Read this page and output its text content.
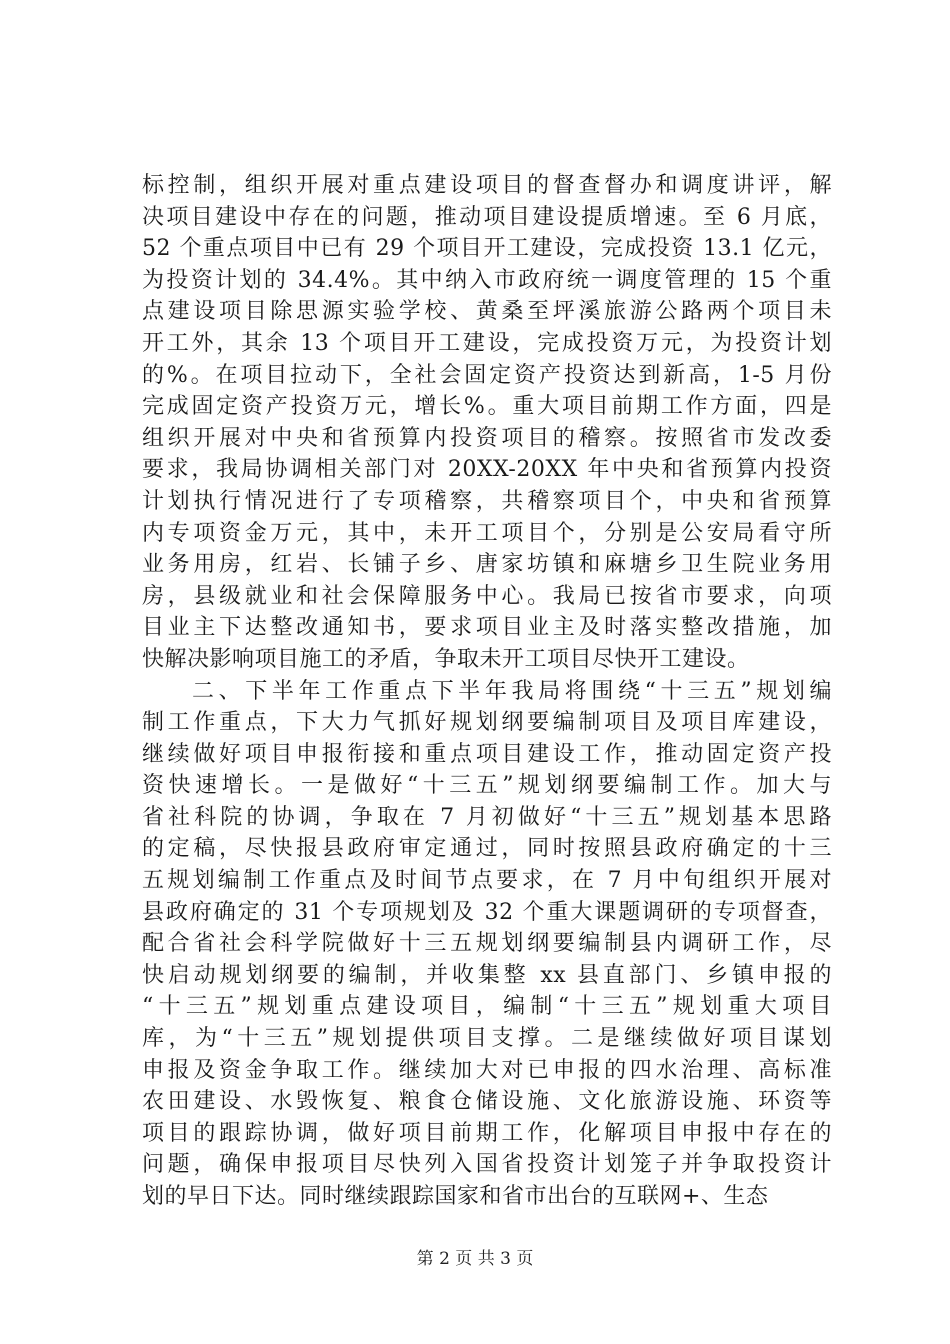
标控制，组织开展对重点建设项目的督查督办和调度讲评，解
决项目建设中存在的问题，推动项目建设提质增速。至 6 月底，
52 个重点项目中已有 29 个项目开工建设，完成投资 13.1 亿元，
为投资计划的 34.4%。其中纳入市政府统一调度管理的 15 个重
点建设项目除思源实验学校、黄桑至坪溪旅游公路两个项目未
开工外，其余 13 个项目开工建设，完成投资万元，为投资计划
的%。在项目拉动下，全社会固定资产投资达到新高，1-5 月份
完成固定资产投资万元，增长%。重大项目前期工作方面，四是
组织开展对中央和省预算内投资项目的稽察。按照省市发改委
要求，我局协调相关部门对 20XX-20XX 年中央和省预算内投资
计划执行情况进行了专项稽察，共稽察项目个，中央和省预算
内专项资金万元，其中，未开工项目个，分别是公安局看守所
业务用房，红岩、长铺子乡、唐家坊镇和麻塘乡卫生院业务用
房，县级就业和社会保障服务中心。我局已按省市要求，向项
目业主下达整改通知书，要求项目业主及时落实整改措施，加
快解决影响项目施工的矛盾，争取未开工项目尽快开工建设。
二、下半年工作重点下半年我局将围绕“十三五”规划编
制工作重点，下大力气抓好规划纲要编制项目及项目库建设，
继续做好项目申报衔接和重点项目建设工作，推动固定资产投
资快速增长。一是做好“十三五”规划纲要编制工作。加大与
省社科院的协调，争取在 7 月初做好“十三五”规划基本思路
的定稿，尽快报县政府审定通过，同时按照县政府确定的十三
五规划编制工作重点及时间节点要求，在 7 月中旬组织开展对
县政府确定的 31 个专项规划及 32 个重大课题调研的专项督查，
配合省社会科学院做好十三五规划纲要编制县内调研工作，尽
快启动规划纲要的编制，并收集整 xx 县直部门、乡镇申报的
“十三五”规划重点建设项目，编制“十三五”规划重大项目
库，为“十三五”规划提供项目支撑。二是继续做好项目谋划
申报及资金争取工作。继续加大对已申报的四水治理、高标准
农田建设、水毁恢复、粮食仓储设施、文化旅游设施、环资等
项目的跟踪协调，做好项目前期工作，化解项目申报中存在的
问题，确保申报项目尽快列入国省投资计划笼子并争取投资计
划的早日下达。同时继续跟踪国家和省市出台的互联网+、生态
第 2 页 共 3 页
